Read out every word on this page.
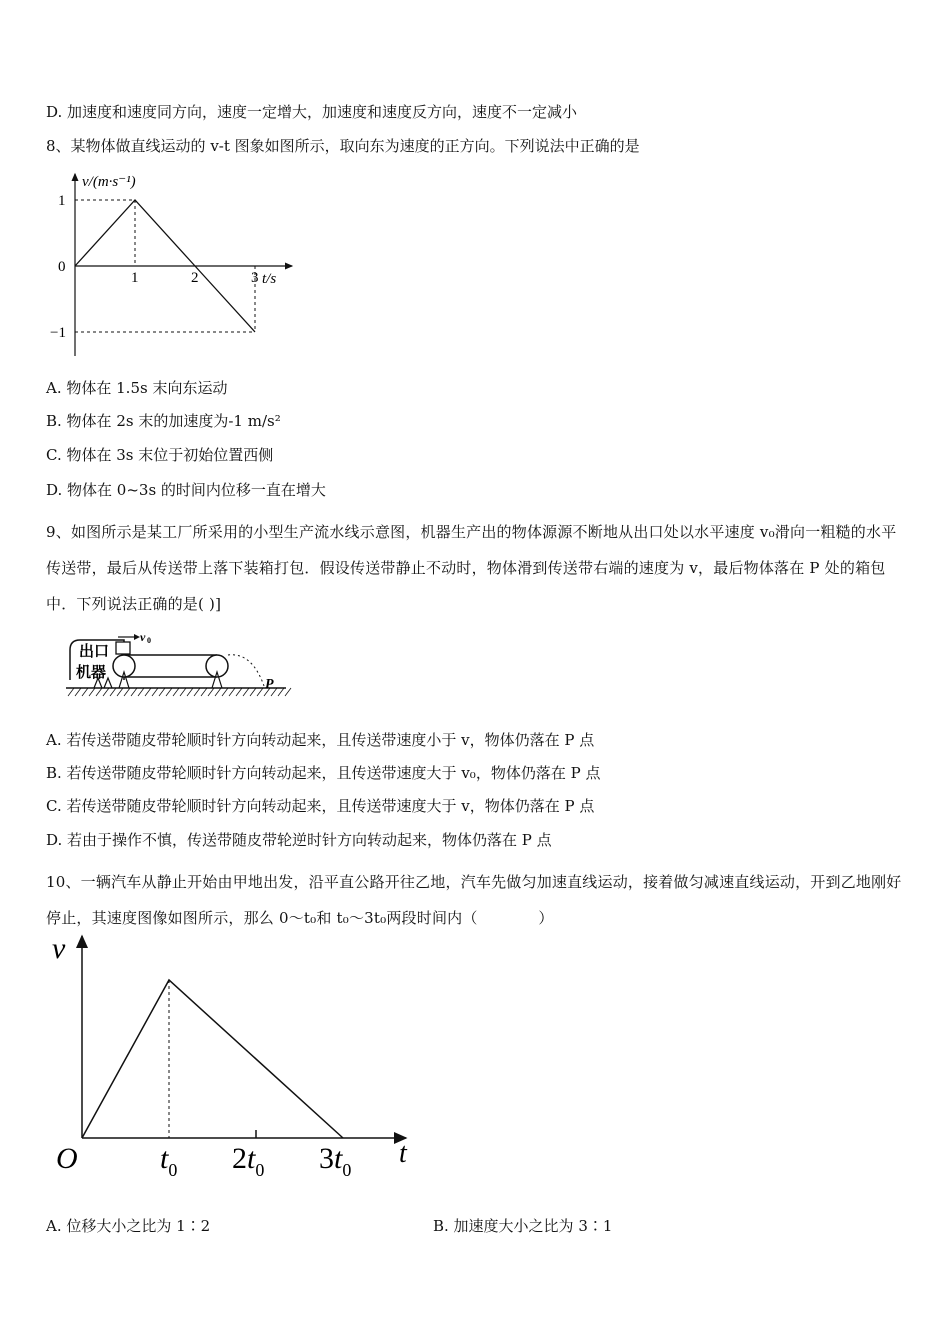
D. 加速度和速度同方向，速度一定增大，加速度和速度反方向，速度不一定减小
8、某物体做直线运动的 v-t 图象如图所示，取向东为速度的正方向。下列说法中正确的是
v/(m·s⁻¹)
t/s
1	2	3
1
0
−1
A. 物体在 1.5s 末向东运动
B. 物体在 2s 末的加速度为-1 m/s²
C. 物体在 3s 末位于初始位置西侧
D. 物体在 0~3s 的时间内位移一直在增大
9、如图所示是某工厂所采用的小型生产流水线示意图，机器生产出的物体源源不断地从出口处以水平速度 v₀滑向一粗糙的水平传送带，最后从传送带上落下装箱打包．假设传送带静止不动时，物体滑到传送带右端的速度为 v，最后物体落在 P 处的箱包中．下列说法正确的是( )]
出口
机器
v 0
P
A. 若传送带随皮带轮顺时针方向转动起来，且传送带速度小于 v，物体仍落在 P 点
B. 若传送带随皮带轮顺时针方向转动起来，且传送带速度大于 v₀，物体仍落在 P 点
C. 若传送带随皮带轮顺时针方向转动起来，且传送带速度大于 v，物体仍落在 P 点
D. 若由于操作不慎，传送带随皮带轮逆时针方向转动起来，物体仍落在 P 点
10、一辆汽车从静止开始由甲地出发，沿平直公路开往乙地，汽车先做匀加速直线运动，接着做匀减速直线运动，开到乙地刚好停止，其速度图像如图所示，那么 0～t₀和 t₀～3t₀两段时间内（　　　　）
v
t
O	$t_0$ $2t_0$ $3t_0$
A. 位移大小之比为 1∶2	B. 加速度大小之比为 3∶1
